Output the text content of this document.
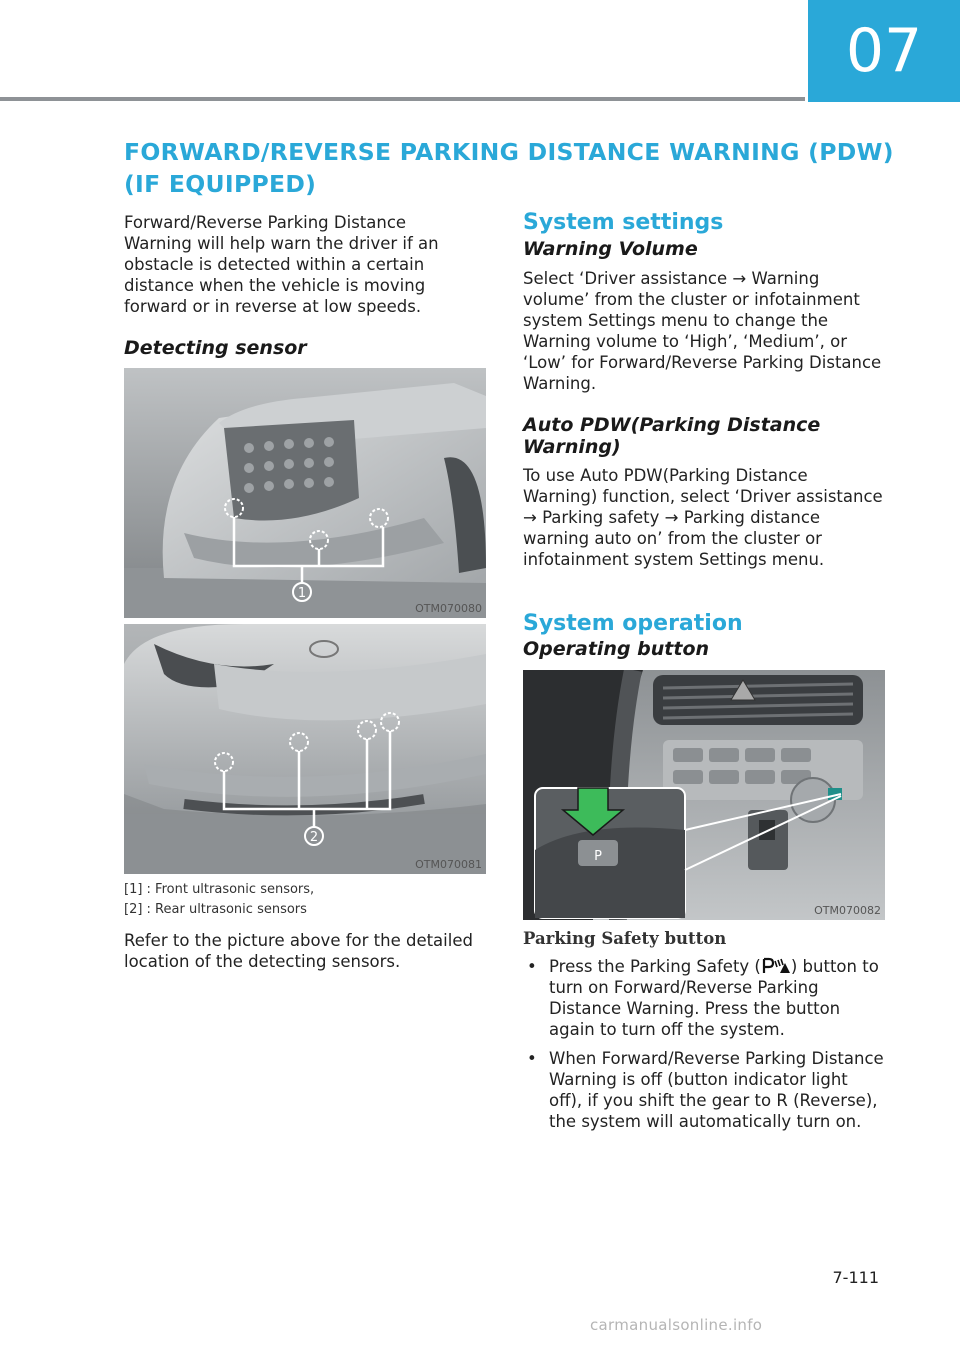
07
FORWARD/REVERSE PARKING DISTANCE WARNING (PDW)
(IF EQUIPPED)
Forward/Reverse Parking Distance Warning will help warn the driver if an obstacle is detected within a certain distance when the vehicle is moving forward or in reverse at low speeds.
Detecting sensor
1
OTM070080
2
OTM070081
[1] : Front ultrasonic sensors,
[2] : Rear ultrasonic sensors
Refer to the picture above for the detailed location of the detecting sensors.
System settings
Warning Volume
Select ‘Driver assistance → Warning volume’ from the cluster or infotainment system Settings menu to change the Warning volume to ‘High’, ‘Medium’, or ‘Low’ for Forward/Reverse Parking Distance Warning.
Auto PDW(Parking Distance Warning)
To use Auto PDW(Parking Distance Warning) function, select ‘Driver assistance → Parking safety → Parking distance warning auto on’ from the cluster or infotainment system Settings menu.
System operation
Operating button
P
OTM070082
Parking Safety button
• Press the Parking Safety ( ) button to turn on Forward/Reverse Parking Distance Warning. Press the button again to turn off the system.
• When Forward/Reverse Parking Distance Warning is off (button indicator light off), if you shift the gear to R (Reverse), the system will automatically turn on.
7-111
carmanualsonline.info
